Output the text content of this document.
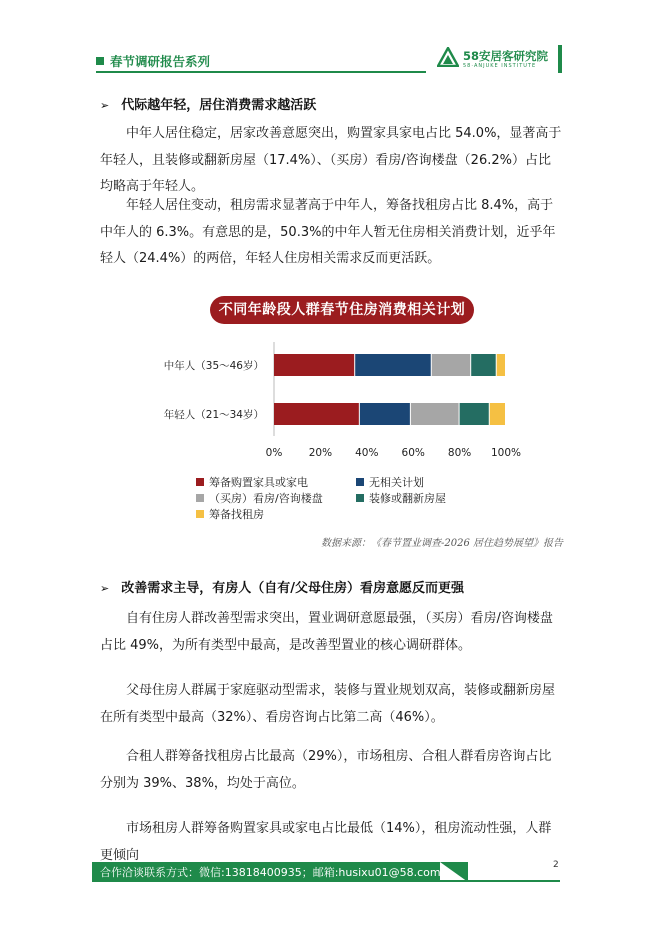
春节调研报告系列	58安居客研究院
58·ANJUKE INSTITUTE
➢ 代际越年轻，居住消费需求越活跃

中年人居住稳定，居家改善意愿突出，购置家具家电占比 54.0%，显著高于年轻人，且装修或翻新房屋（17.4%）、（买房）看房/咨询楼盘（26.2%）占比均略高于年轻人。

年轻人居住变动，租房需求显著高于中年人，筹备找租房占比 8.4%，高于中年人的 6.3%。有意思的是，50.3%的中年人暂无住房相关消费计划，近乎年轻人（24.4%）的两倍，年轻人住房相关需求反而更活跃。

不同年龄段人群春节住房消费相关计划
中年人（35～46岁）
年轻人（21～34岁）
0%	20% 40% 60% 80% 100%
筹备购置家具或家电	无相关计划
（买房）看房/咨询楼盘	装修或翻新房屋
筹备找租房
数据来源：《春节置业调查-2026 居住趋势展望》报告
➢ 改善需求主导，有房人（自有/父母住房）看房意愿反而更强

自有住房人群改善型需求突出，置业调研意愿最强，（买房）看房/咨询楼盘占比 49%，为所有类型中最高，是改善型置业的核心调研群体。

父母住房人群属于家庭驱动型需求，装修与置业规划双高，装修或翻新房屋在所有类型中最高（32%）、看房咨询占比第二高（46%）。

合租人群筹备找租房占比最高（29%），市场租房、合租人群看房咨询占比分别为 39%、38%，均处于高位。

市场租房人群筹备购置家具或家电占比最低（14%），租房流动性强，人群更倾向

合作洽谈联系方式：微信:13818400935；邮箱:husixu01@58.com；
2
